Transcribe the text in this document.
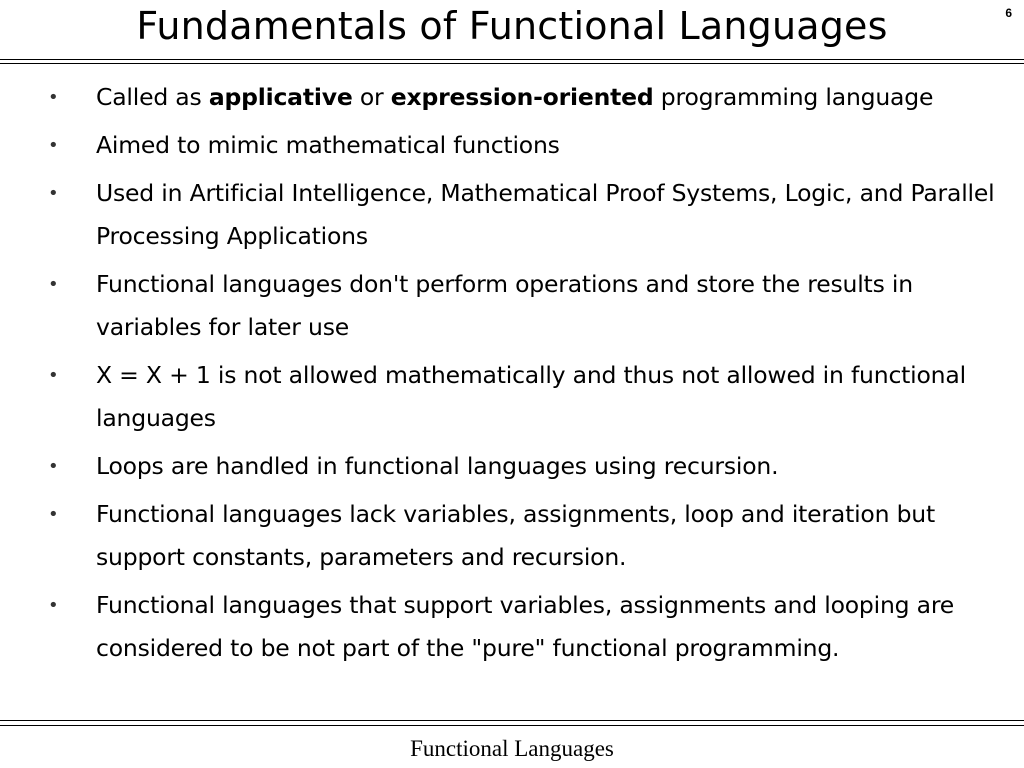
Fundamentals of Functional Languages	6
• Called as applicative or expression-oriented programming language
• Aimed to mimic mathematical functions
• Used in Artificial Intelligence, Mathematical Proof Systems, Logic, and Parallel Processing Applications
• Functional languages don't perform operations and store the results in variables for later use
• X = X + 1 is not allowed mathematically and thus not allowed in functional languages
• Loops are handled in functional languages using recursion.
• Functional languages lack variables, assignments, loop and iteration but support constants, parameters and recursion.
• Functional languages that support variables, assignments and looping are considered to be not part of the "pure" functional programming.
Functional Languages
